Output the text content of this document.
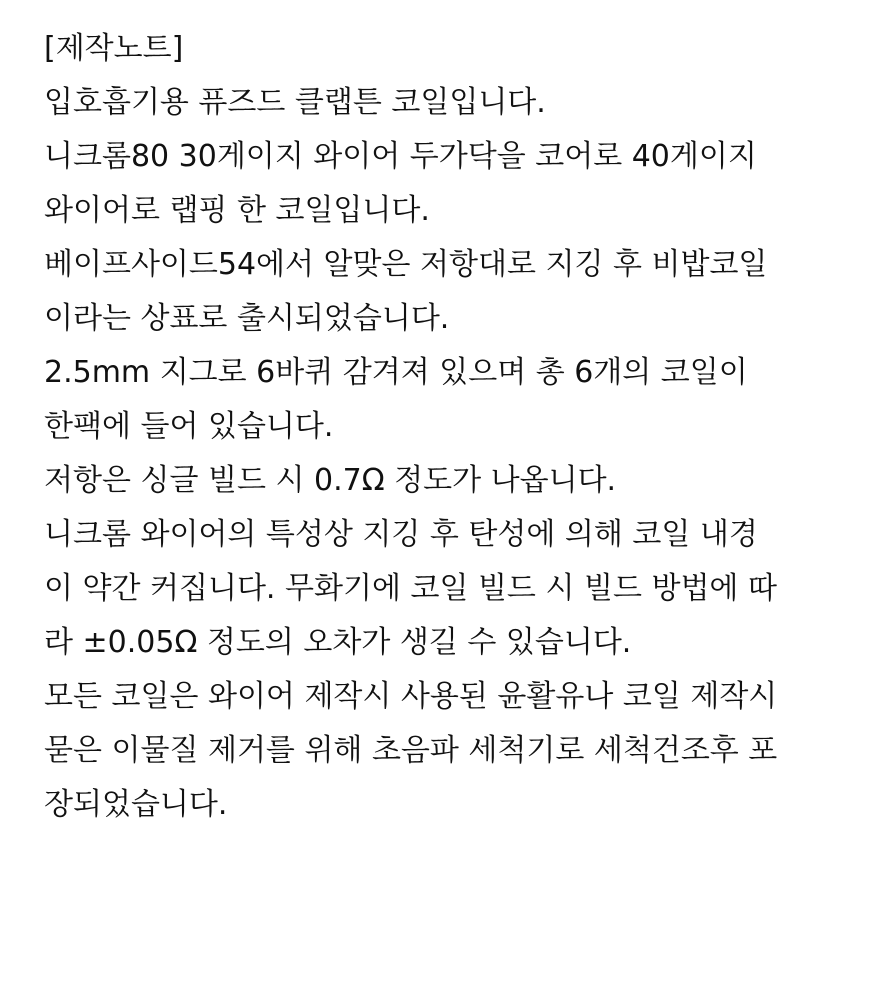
[제작노트]
입호흡기용 퓨즈드 클랩튼 코일입니다.
니크롬80 30게이지 와이어 두가닥을 코어로 40게이지
와이어로 랩핑 한 코일입니다.
베이프사이드54에서 알맞은 저항대로 지깅 후 비밥코일
이라는 상표로 출시되었습니다.
2.5mm 지그로 6바퀴 감겨져 있으며 총 6개의 코일이
한팩에 들어 있습니다.
저항은 싱글 빌드 시 0.7Ω 정도가 나옵니다.
니크롬 와이어의 특성상 지깅 후 탄성에 의해 코일 내경
이 약간 커집니다. 무화기에 코일 빌드 시 빌드 방법에 따
라 ±0.05Ω 정도의 오차가 생길 수 있습니다.
모든 코일은 와이어 제작시 사용된 윤활유나 코일 제작시
묻은 이물질 제거를 위해 초음파 세척기로 세척건조후 포
장되었습니다.
